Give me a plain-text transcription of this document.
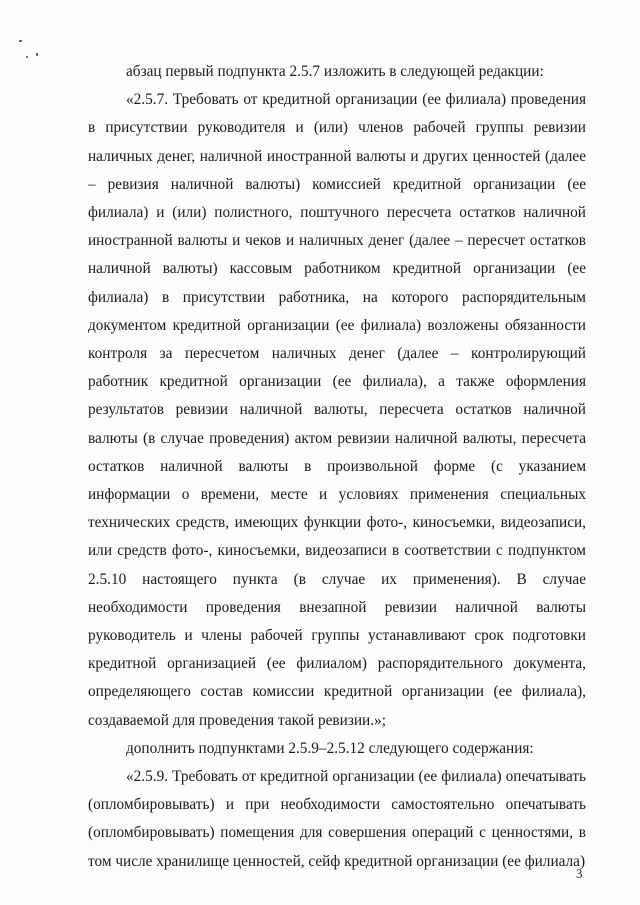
абзац первый подпункта 2.5.7 изложить в следующей редакции:

«2.5.7. Требовать от кредитной организации (ее филиала) проведения в присутствии руководителя и (или) членов рабочей группы ревизии наличных денег, наличной иностранной валюты и других ценностей (далее – ревизия наличной валюты) комиссией кредитной организации (ее филиала) и (или) полистного, поштучного пересчета остатков наличной иностранной валюты и чеков и наличных денег (далее – пересчет остатков наличной валюты) кассовым работником кредитной организации (ее филиала) в присутствии работника, на которого распорядительным документом кредитной организации (ее филиала) возложены обязанности контроля за пересчетом наличных денег (далее – контролирующий работник кредитной организации (ее филиала), а также оформления результатов ревизии наличной валюты, пересчета остатков наличной валюты (в случае проведения) актом ревизии наличной валюты, пересчета остатков наличной валюты в произвольной форме (с указанием информации о времени, месте и условиях применения специальных технических средств, имеющих функции фото-, киносъемки, видеозаписи, или средств фото-, киносъемки, видеозаписи в соответствии с подпунктом 2.5.10 настоящего пункта (в случае их применения). В случае необходимости проведения внезапной ревизии наличной валюты руководитель и члены рабочей группы устанавливают срок подготовки кредитной организацией (ее филиалом) распорядительного документа, определяющего состав комиссии кредитной организации (ее филиала), создаваемой для проведения такой ревизии.»;

дополнить подпунктами 2.5.9–2.5.12 следующего содержания:

«2.5.9. Требовать от кредитной организации (ее филиала) опечатывать (опломбировывать) и при необходимости самостоятельно опечатывать (опломбировывать) помещения для совершения операций с ценностями, в том числе хранилище ценностей, сейф кредитной организации (ее филиала)

3
